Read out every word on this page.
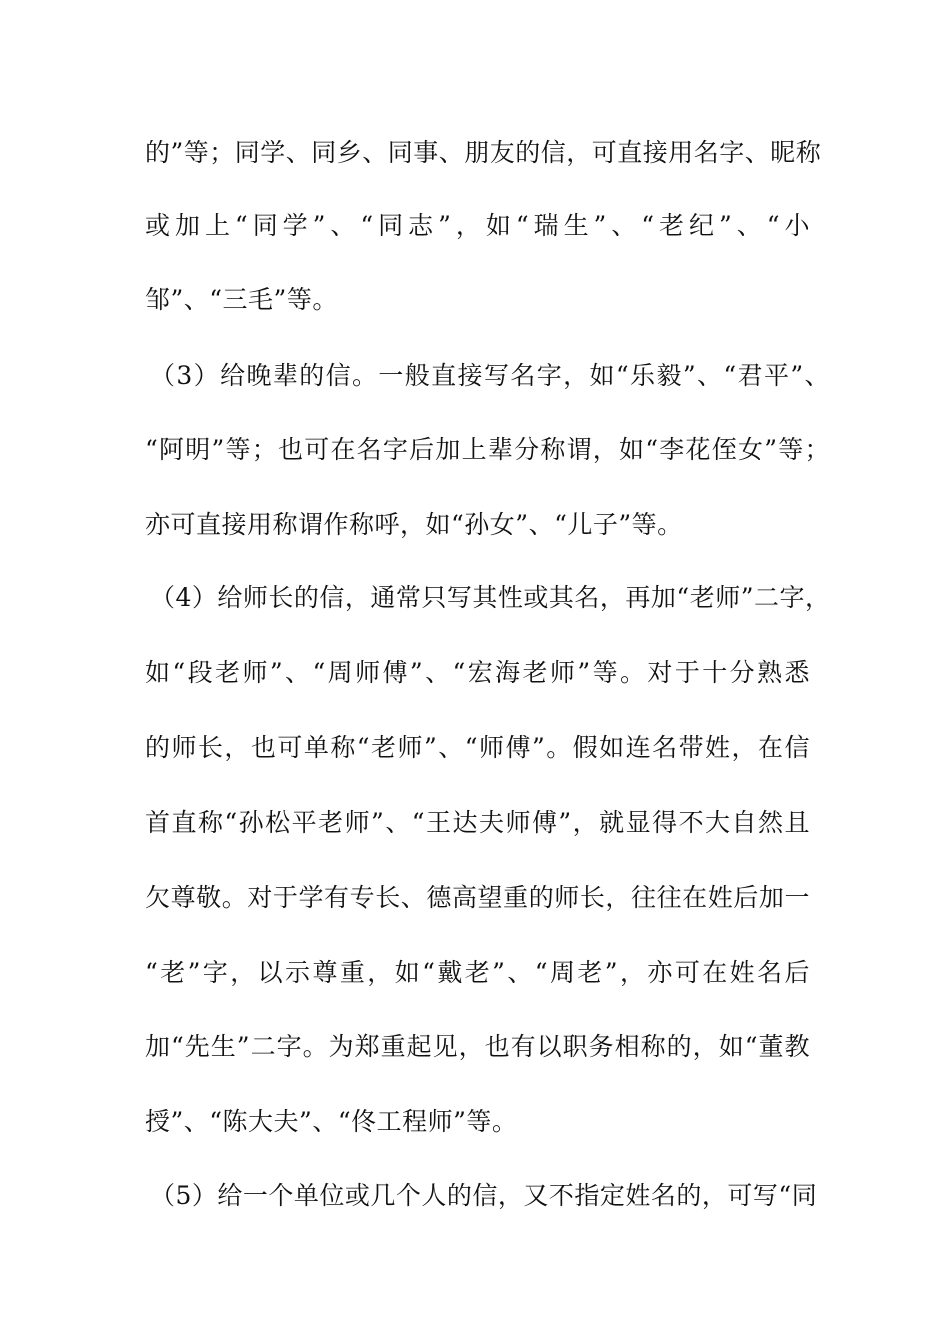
的”等；同学、同乡、同事、朋友的信，可直接用名字、昵称
或加上“同学”、“同志”，如“瑞生”、“老纪”、“小
邹”、“三毛”等。
（3）给晚辈的信。一般直接写名字，如“乐毅”、“君平”、
“阿明”等；也可在名字后加上辈分称谓，如“李花侄女”等；
亦可直接用称谓作称呼，如“孙女”、“儿子”等。
（4）给师长的信，通常只写其性或其名，再加“老师”二字，
如“段老师”、“周师傅”、“宏海老师”等。对于十分熟悉
的师长，也可单称“老师”、“师傅”。假如连名带姓，在信
首直称“孙松平老师”、“王达夫师傅”，就显得不大自然且
欠尊敬。对于学有专长、德高望重的师长，往往在姓后加一
“老”字，以示尊重，如“戴老”、“周老”，亦可在姓名后
加“先生”二字。为郑重起见，也有以职务相称的，如“董教
授”、“陈大夫”、“佟工程师”等。
（5）给一个单位或几个人的信，又不指定姓名的，可写“同
